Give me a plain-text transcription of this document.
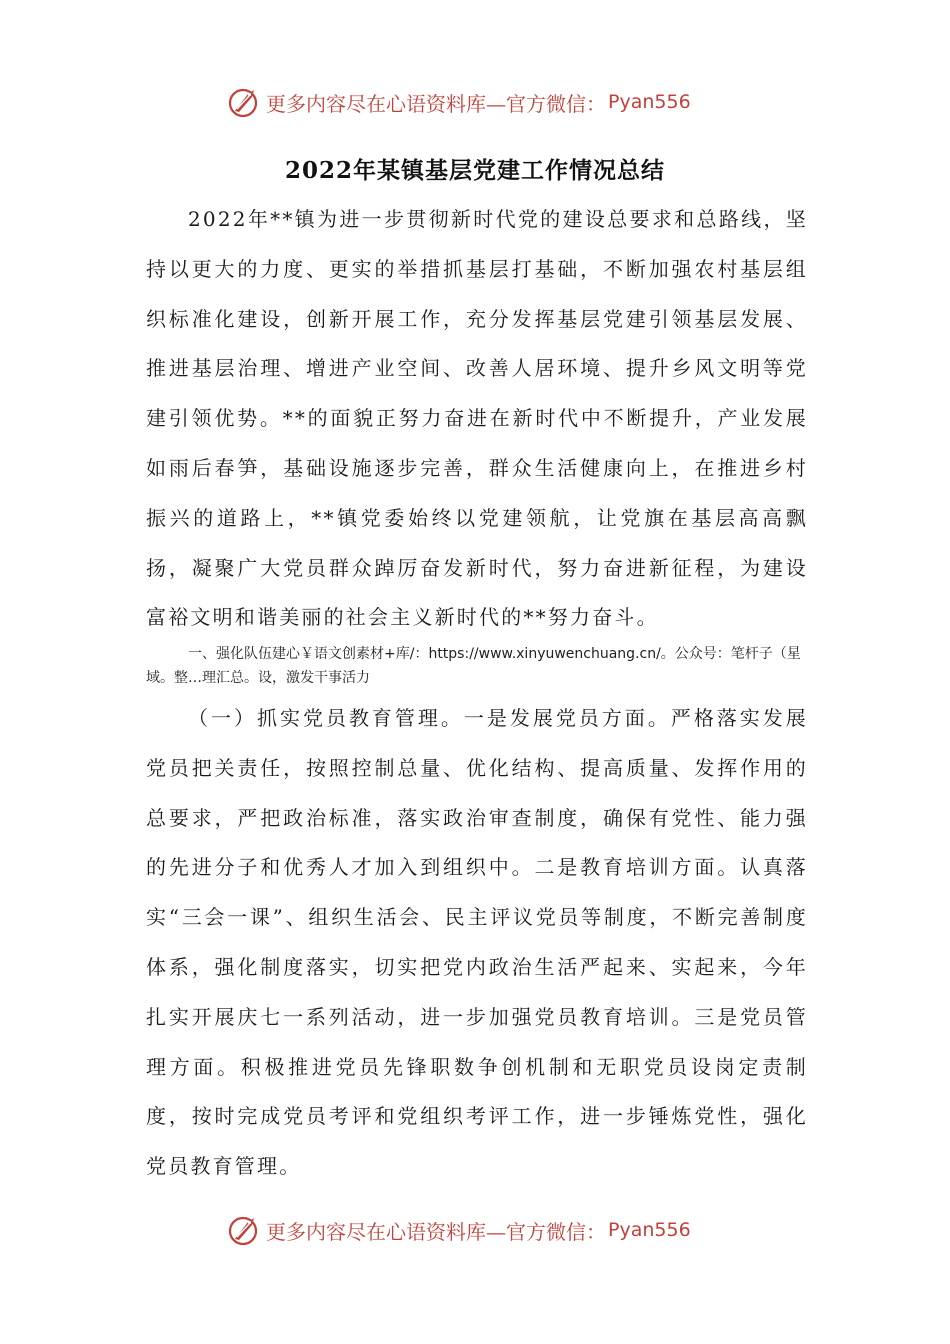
更多内容尽在心语资料库—官方微信： Pyan556
2022年某镇基层党建工作情况总结

2022年**镇为进一步贯彻新时代党的建设总要求和总路线，坚持以更大的力度、更实的举措抓基层打基础，不断加强农村基层组织标准化建设，创新开展工作，充分发挥基层党建引领基层发展、推进基层治理、增进产业空间、改善人居环境、提升乡风文明等党建引领优势。**的面貌正努力奋进在新时代中不断提升，产业发展如雨后春笋，基础设施逐步完善，群众生活健康向上，在推进乡村振兴的道路上，**镇党委始终以党建领航，让党旗在基层高高飘扬，凝聚广大党员群众踔厉奋发新时代，努力奋进新征程，为建设富裕文明和谐美丽的社会主义新时代的**努力奋斗。

一、强化队伍建心￥语文创素材+库/：https://www.xinyuwenchuang.cn/。公众号：笔杆子（星域。整…理汇总。设，激发干事活力

（一）抓实党员教育管理。一是发展党员方面。严格落实发展党员把关责任，按照控制总量、优化结构、提高质量、发挥作用的总要求，严把政治标准，落实政治审查制度，确保有党性、能力强的先进分子和优秀人才加入到组织中。二是教育培训方面。认真落实“三会一课”、组织生活会、民主评议党员等制度，不断完善制度体系，强化制度落实，切实把党内政治生活严起来、实起来，今年扎实开展庆七一系列活动，进一步加强党员教育培训。三是党员管理方面。积极推进党员先锋职数争创机制和无职党员设岗定责制度，按时完成党员考评和党组织考评工作，进一步锤炼党性，强化党员教育管理。

更多内容尽在心语资料库—官方微信： Pyan556
